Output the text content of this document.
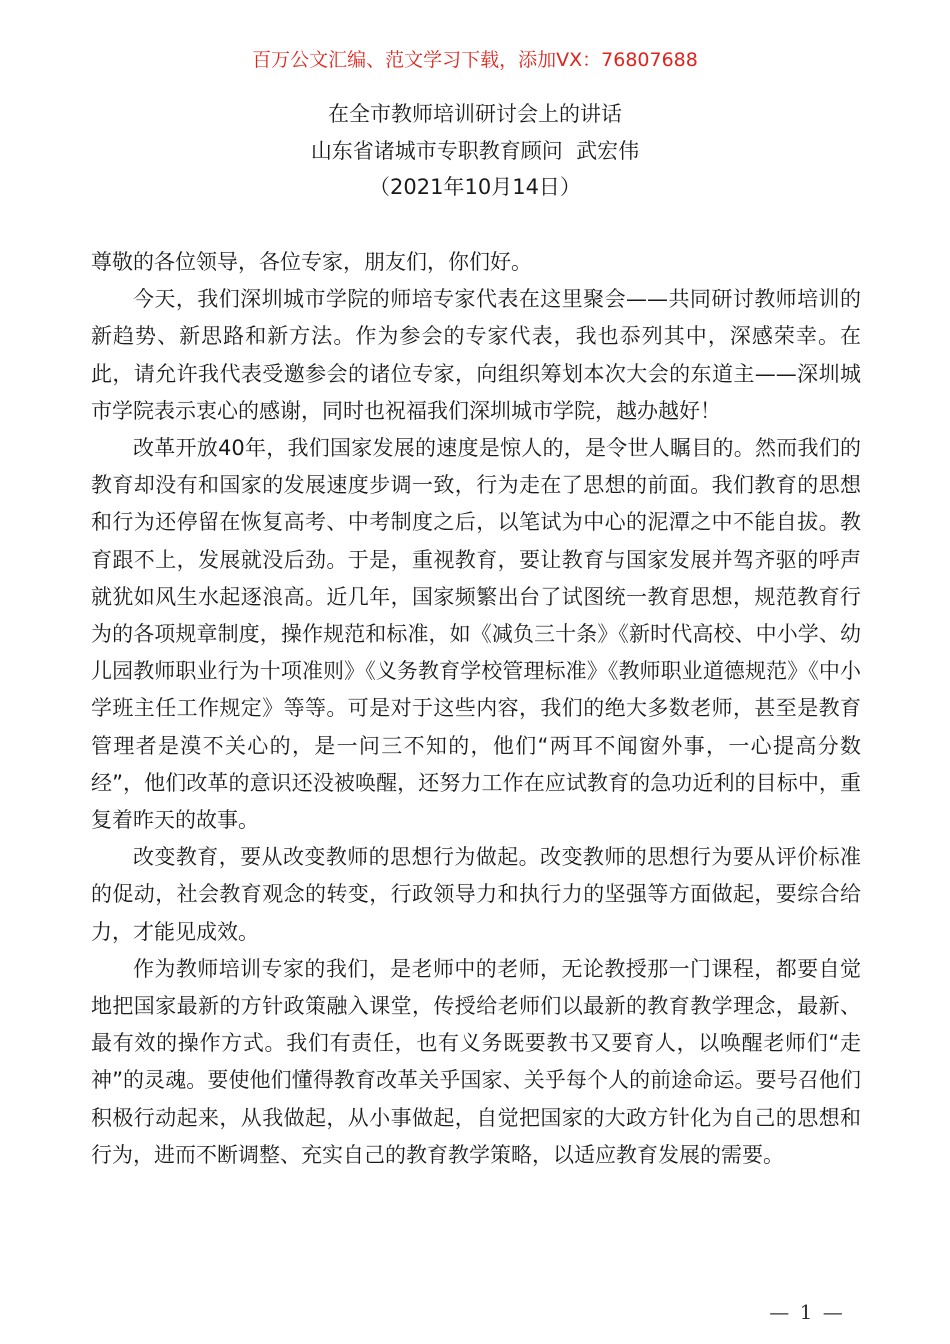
百万公文汇编、范文学习下载，添加VX：76807688
在全市教师培训研讨会上的讲话
山东省诸城市专职教育顾问  武宏伟
（2021年10月14日）

尊敬的各位领导，各位专家，朋友们，你们好。

今天，我们深圳城市学院的师培专家代表在这里聚会——共同研讨教师培训的新趋势、新思路和新方法。作为参会的专家代表，我也忝列其中，深感荣幸。在此，请允许我代表受邀参会的诸位专家，向组织筹划本次大会的东道主——深圳城市学院表示衷心的感谢，同时也祝福我们深圳城市学院，越办越好！

改革开放40年，我们国家发展的速度是惊人的，是令世人瞩目的。然而我们的教育却没有和国家的发展速度步调一致，行为走在了思想的前面。我们教育的思想和行为还停留在恢复高考、中考制度之后，以笔试为中心的泥潭之中不能自拔。教育跟不上，发展就没后劲。于是，重视教育，要让教育与国家发展并驾齐驱的呼声就犹如风生水起逐浪高。近几年，国家频繁出台了试图统一教育思想，规范教育行为的各项规章制度，操作规范和标准，如《减负三十条》《新时代高校、中小学、幼儿园教师职业行为十项准则》《义务教育学校管理标准》《教师职业道德规范》《中小学班主任工作规定》等等。可是对于这些内容，我们的绝大多数老师，甚至是教育管理者是漠不关心的，是一问三不知的，他们“两耳不闻窗外事，一心提高分数经”，他们改革的意识还没被唤醒，还努力工作在应试教育的急功近利的目标中，重复着昨天的故事。

改变教育，要从改变教师的思想行为做起。改变教师的思想行为要从评价标准的促动，社会教育观念的转变，行政领导力和执行力的坚强等方面做起，要综合给力，才能见成效。

作为教师培训专家的我们，是老师中的老师，无论教授那一门课程，都要自觉地把国家最新的方针政策融入课堂，传授给老师们以最新的教育教学理念，最新、最有效的操作方式。我们有责任，也有义务既要教书又要育人，以唤醒老师们“走神”的灵魂。要使他们懂得教育改革关乎国家、关乎每个人的前途命运。要号召他们积极行动起来，从我做起，从小事做起，自觉把国家的大政方针化为自己的思想和行为，进而不断调整、充实自己的教育教学策略，以适应教育发展的需要。

— 1 —
